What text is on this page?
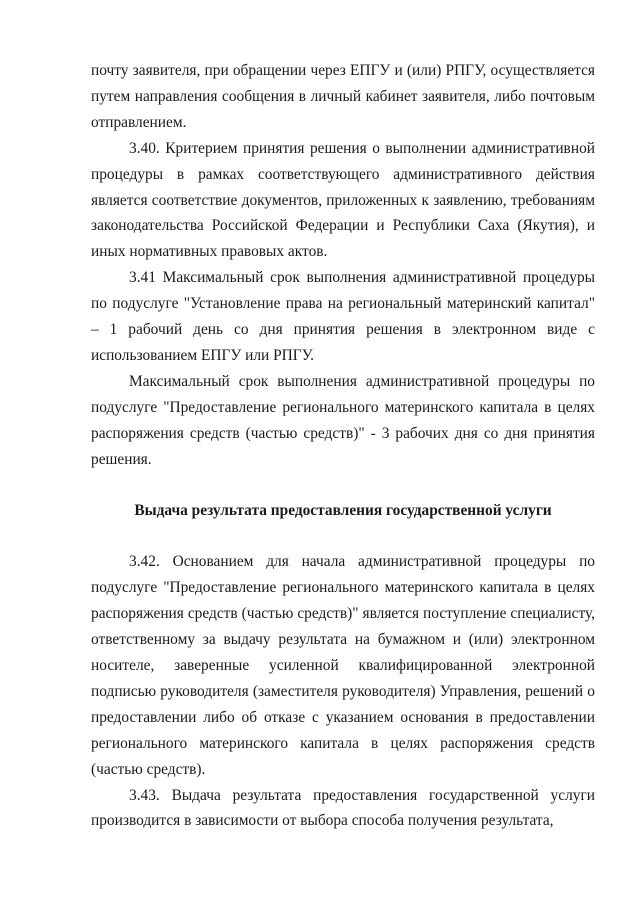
почту заявителя, при обращении через ЕПГУ и (или) РПГУ, осуществляется путем направления сообщения в личный кабинет заявителя, либо почтовым отправлением.

3.40. Критерием принятия решения о выполнении административной процедуры в рамках соответствующего административного действия является соответствие документов, приложенных к заявлению, требованиям законодательства Российской Федерации и Республики Саха (Якутия), и иных нормативных правовых актов.

3.41 Максимальный срок выполнения административной процедуры по подуслуге "Установление права на региональный материнский капитал" – 1 рабочий день со дня принятия решения в электронном виде с использованием ЕПГУ или РПГУ.

Максимальный срок выполнения административной процедуры по подуслуге "Предоставление регионального материнского капитала в целях распоряжения средств (частью средств)" - 3 рабочих дня со дня принятия решения.

Выдача результата предоставления государственной услуги

3.42. Основанием для начала административной процедуры по подуслуге "Предоставление регионального материнского капитала в целях распоряжения средств (частью средств)" является поступление специалисту, ответственному за выдачу результата на бумажном и (или) электронном носителе, заверенные усиленной квалифицированной электронной подписью руководителя (заместителя руководителя) Управления, решений о предоставлении либо об отказе с указанием основания в предоставлении регионального материнского капитала в целях распоряжения средств (частью средств).

3.43. Выдача результата предоставления государственной услуги производится в зависимости от выбора способа получения результата,
